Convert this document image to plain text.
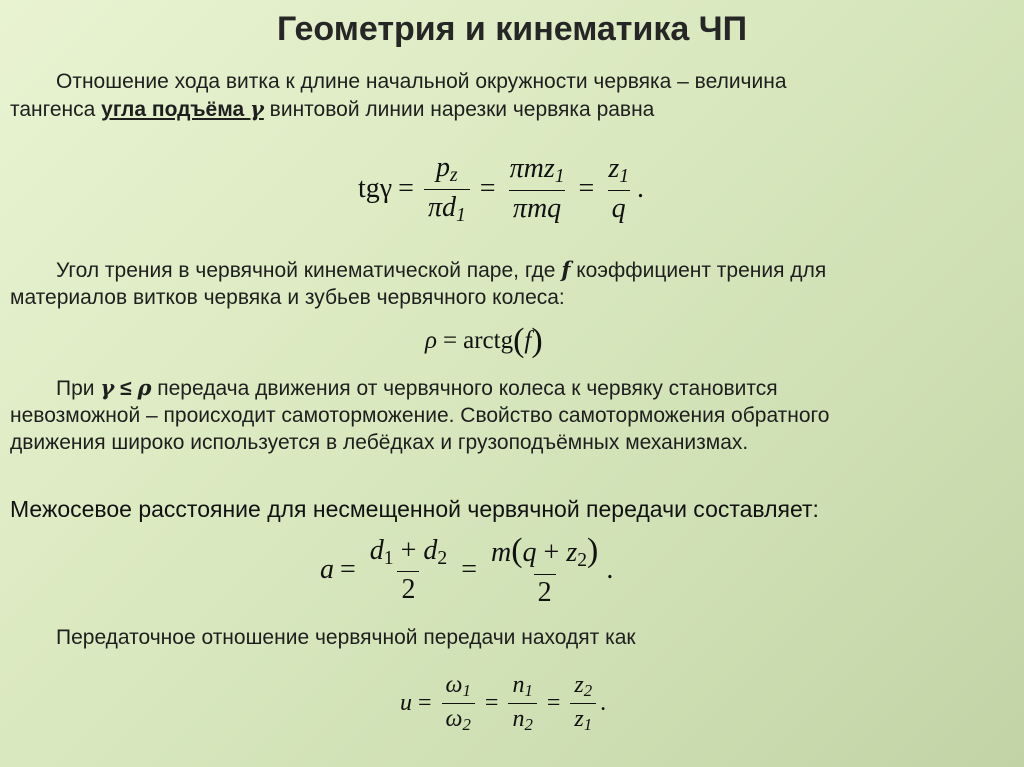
Геометрия и кинематика ЧП
Отношение хода витка к длине начальной окружности червяка – величина
тангенса угла подъёма γ винтовой линии нарезки червяка равна
$tg\gamma = \frac{p_z}{\pi d_1} = \frac{\pi mz_1}{\text{πmq}} = \frac{z_1}{q}$ .
Угол трения в червячной кинематической паре, где f коэффициент трения для
материалов витков червяка и зубьев червячного колеса:
ρ = arctg ( f )
При γ ≤ ρ передача движения от червячного колеса к червяку становится
невозможной – происходит самоторможение. Свойство самоторможения обратного
движения широко используется в лебёдках и грузоподъёмных механизмах.
Межосевое расстояние для несмещенной червячной передачи составляет:
$a = \frac{d_1 + d_2}{2} = \frac{m(q + z_2)}{2}$ .
Передаточное отношение червячной передачи находят как
$u = \frac{\omega_1}{\omega_2} = \frac{n_1}{n_2} = \frac{z_2}{z_1}$ .
